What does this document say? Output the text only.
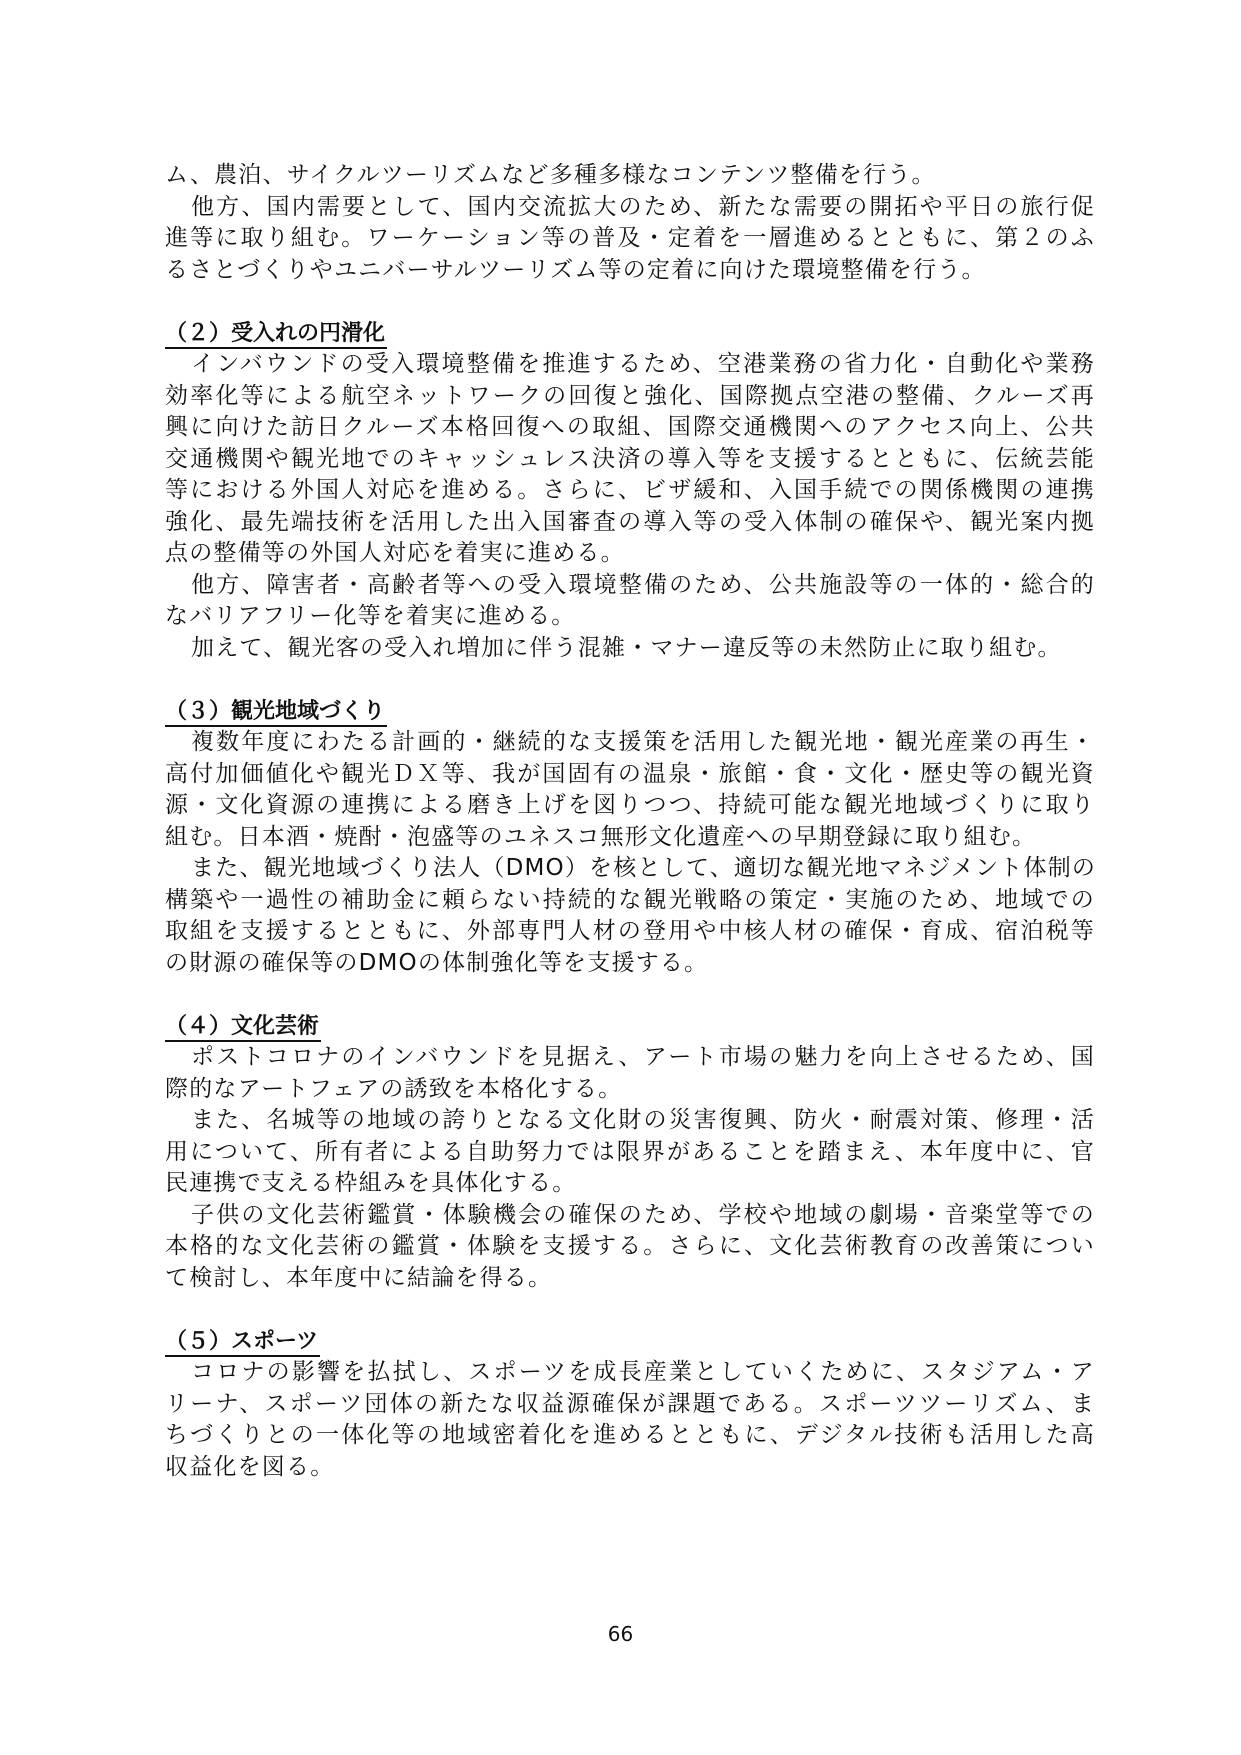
ム、農泊、サイクルツーリズムなど多種多様なコンテンツ整備を行う。
他方、国内需要として、国内交流拡大のため、新たな需要の開拓や平日の旅行促
進等に取り組む。ワーケーション等の普及・定着を一層進めるとともに、第２のふ
るさとづくりやユニバーサルツーリズム等の定着に向けた環境整備を行う。
（２）受入れの円滑化
インバウンドの受入環境整備を推進するため、空港業務の省力化・自動化や業務
効率化等による航空ネットワークの回復と強化、国際拠点空港の整備、クルーズ再
興に向けた訪日クルーズ本格回復への取組、国際交通機関へのアクセス向上、公共
交通機関や観光地でのキャッシュレス決済の導入等を支援するとともに、伝統芸能
等における外国人対応を進める。さらに、ビザ緩和、入国手続での関係機関の連携
強化、最先端技術を活用した出入国審査の導入等の受入体制の確保や、観光案内拠
点の整備等の外国人対応を着実に進める。
他方、障害者・高齢者等への受入環境整備のため、公共施設等の一体的・総合的
なバリアフリー化等を着実に進める。
加えて、観光客の受入れ増加に伴う混雑・マナー違反等の未然防止に取り組む。
（３）観光地域づくり
複数年度にわたる計画的・継続的な支援策を活用した観光地・観光産業の再生・
高付加価値化や観光ＤＸ等、我が国固有の温泉・旅館・食・文化・歴史等の観光資
源・文化資源の連携による磨き上げを図りつつ、持続可能な観光地域づくりに取り
組む。日本酒・焼酎・泡盛等のユネスコ無形文化遺産への早期登録に取り組む。
また、観光地域づくり法人（DMO）を核として、適切な観光地マネジメント体制の
構築や一過性の補助金に頼らない持続的な観光戦略の策定・実施のため、地域での
取組を支援するとともに、外部専門人材の登用や中核人材の確保・育成、宿泊税等
の財源の確保等のDMOの体制強化等を支援する。
（４）文化芸術
ポストコロナのインバウンドを見据え、アート市場の魅力を向上させるため、国
際的なアートフェアの誘致を本格化する。
また、名城等の地域の誇りとなる文化財の災害復興、防火・耐震対策、修理・活
用について、所有者による自助努力では限界があることを踏まえ、本年度中に、官
民連携で支える枠組みを具体化する。
子供の文化芸術鑑賞・体験機会の確保のため、学校や地域の劇場・音楽堂等での
本格的な文化芸術の鑑賞・体験を支援する。さらに、文化芸術教育の改善策につい
て検討し、本年度中に結論を得る。
（５）スポーツ
コロナの影響を払拭し、スポーツを成長産業としていくために、スタジアム・ア
リーナ、スポーツ団体の新たな収益源確保が課題である。スポーツツーリズム、ま
ちづくりとの一体化等の地域密着化を進めるとともに、デジタル技術も活用した高
収益化を図る。
66
